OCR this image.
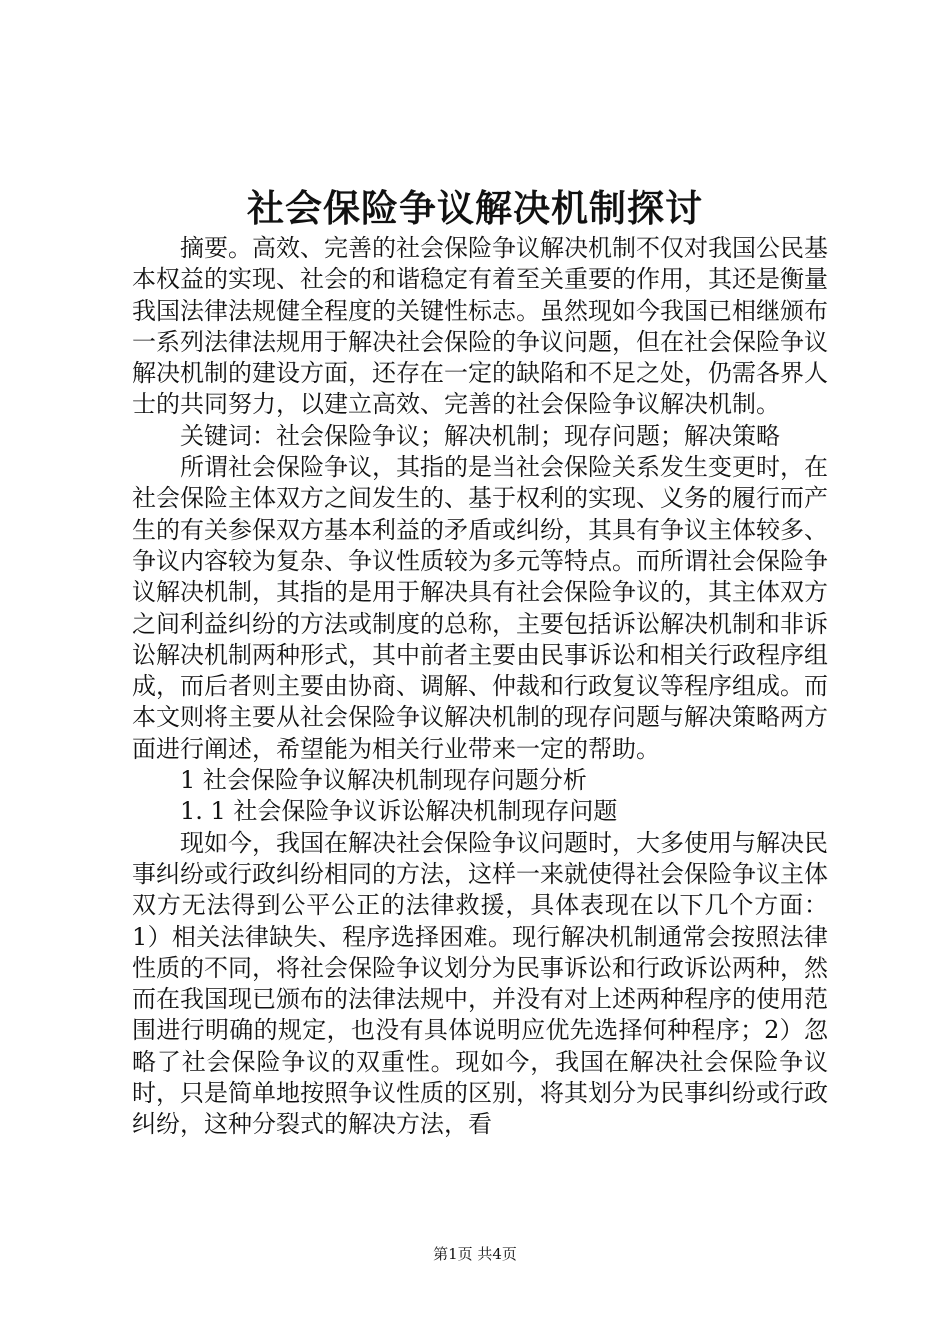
社会保险争议解决机制探讨

摘要。高效、完善的社会保险争议解决机制不仅对我国公民基本权益的实现、社会的和谐稳定有着至关重要的作用，其还是衡量我国法律法规健全程度的关键性标志。虽然现如今我国已相继颁布一系列法律法规用于解决社会保险的争议问题，但在社会保险争议解决机制的建设方面，还存在一定的缺陷和不足之处，仍需各界人士的共同努力，以建立高效、完善的社会保险争议解决机制。

关键词：社会保险争议；解决机制；现存问题；解决策略

所谓社会保险争议，其指的是当社会保险关系发生变更时，在社会保险主体双方之间发生的、基于权利的实现、义务的履行而产生的有关参保双方基本利益的矛盾或纠纷，其具有争议主体较多、争议内容较为复杂、争议性质较为多元等特点。而所谓社会保险争议解决机制，其指的是用于解决具有社会保险争议的，其主体双方之间利益纠纷的方法或制度的总称，主要包括诉讼解决机制和非诉讼解决机制两种形式，其中前者主要由民事诉讼和相关行政程序组成，而后者则主要由协商、调解、仲裁和行政复议等程序组成。而本文则将主要从社会保险争议解决机制的现存问题与解决策略两方面进行阐述，希望能为相关行业带来一定的帮助。

1 社会保险争议解决机制现存问题分析

1. 1 社会保险争议诉讼解决机制现存问题

现如今，我国在解决社会保险争议问题时，大多使用与解决民事纠纷或行政纠纷相同的方法，这样一来就使得社会保险争议主体双方无法得到公平公正的法律救援，具体表现在以下几个方面：1）相关法律缺失、程序选择困难。现行解决机制通常会按照法律性质的不同，将社会保险争议划分为民事诉讼和行政诉讼两种，然而在我国现已颁布的法律法规中，并没有对上述两种程序的使用范围进行明确的规定，也没有具体说明应优先选择何种程序；2）忽略了社会保险争议的双重性。现如今，我国在解决社会保险争议时，只是简单地按照争议性质的区别，将其划分为民事纠纷或行政纠纷，这种分裂式的解决方法，看

第1页 共4页
